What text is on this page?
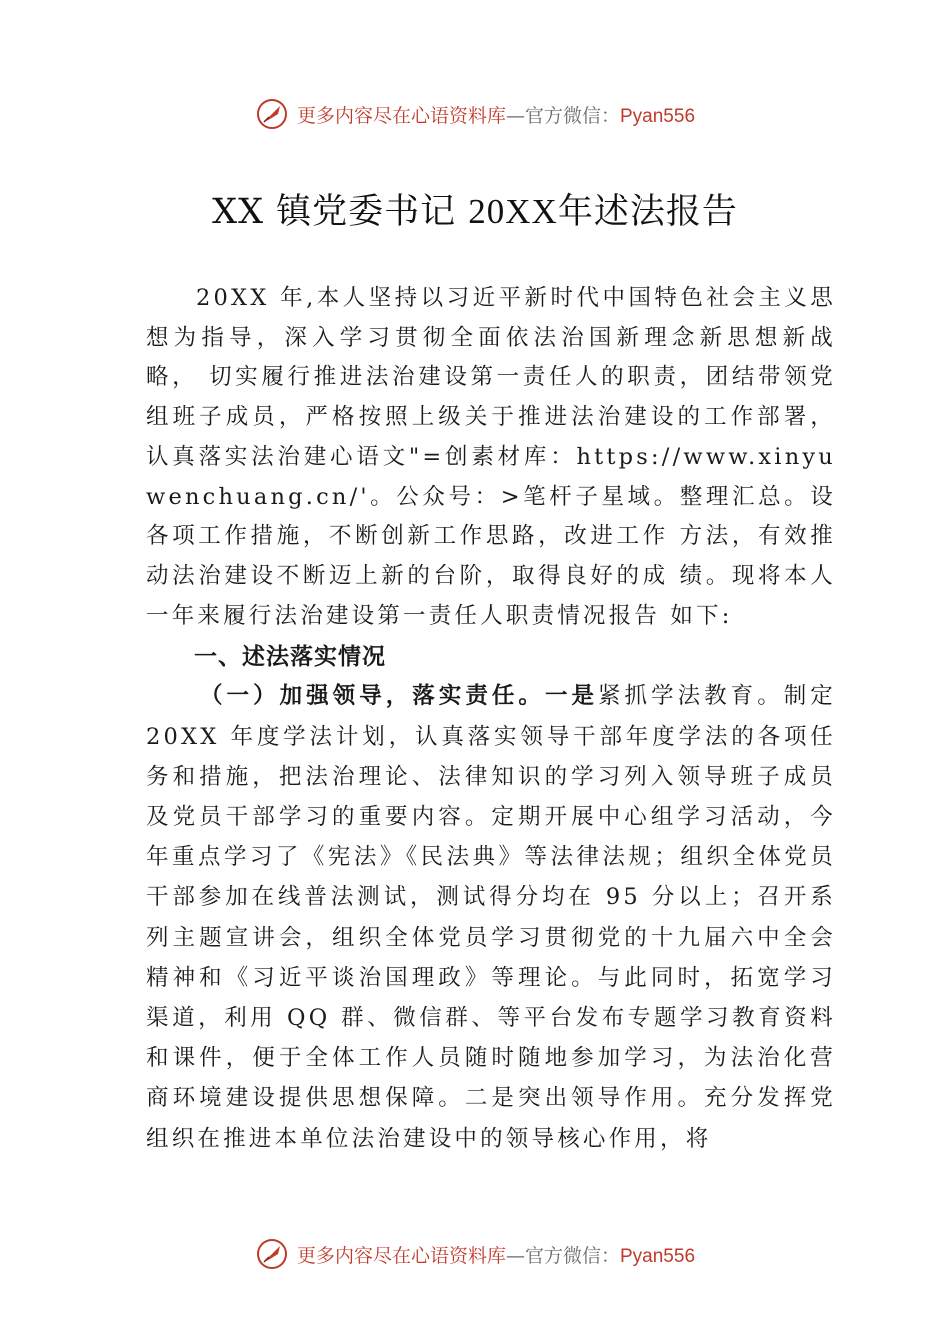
更多内容尽在心语资料库—官方微信：Pyan556
XX 镇党委书记 20XX年述法报告

20XX 年,本人坚持以习近平新时代中国特色社会主义思想为指导，深入学习贯彻全面依法治国新理念新思想新战略， 切实履行推进法治建设第一责任人的职责，团结带领党组班子成员，严格按照上级关于推进法治建设的工作部署，认真落实法治建心语文"=创素材库：https://www.xinyuwenchuang.cn/'。公众号：>笔杆子星域。整理汇总。设各项工作措施，不断创新工作思路，改进工作 方法，有效推动法治建设不断迈上新的台阶，取得良好的成 绩。现将本人一年来履行法治建设第一责任人职责情况报告 如下:

一、述法落实情况

（一）加强领导，落实责任。一是紧抓学法教育。制定 20XX 年度学法计划，认真落实领导干部年度学法的各项任务和措施，把法治理论、法律知识的学习列入领导班子成员及党员干部学习的重要内容。定期开展中心组学习活动，今年重点学习了《宪法》《民法典》等法律法规；组织全体党员干部参加在线普法测试，测试得分均在 95 分以上；召开系列主题宣讲会，组织全体党员学习贯彻党的十九届六中全会精神和《习近平谈治国理政》等理论。与此同时，拓宽学习渠道，利用 QQ 群、微信群、等平台发布专题学习教育资料和课件，便于全体工作人员随时随地参加学习，为法治化营商环境建设提供思想保障。二是突出领导作用。充分发挥党组织在推进本单位法治建设中的领导核心作用，将

更多内容尽在心语资料库—官方微信：Pyan556
